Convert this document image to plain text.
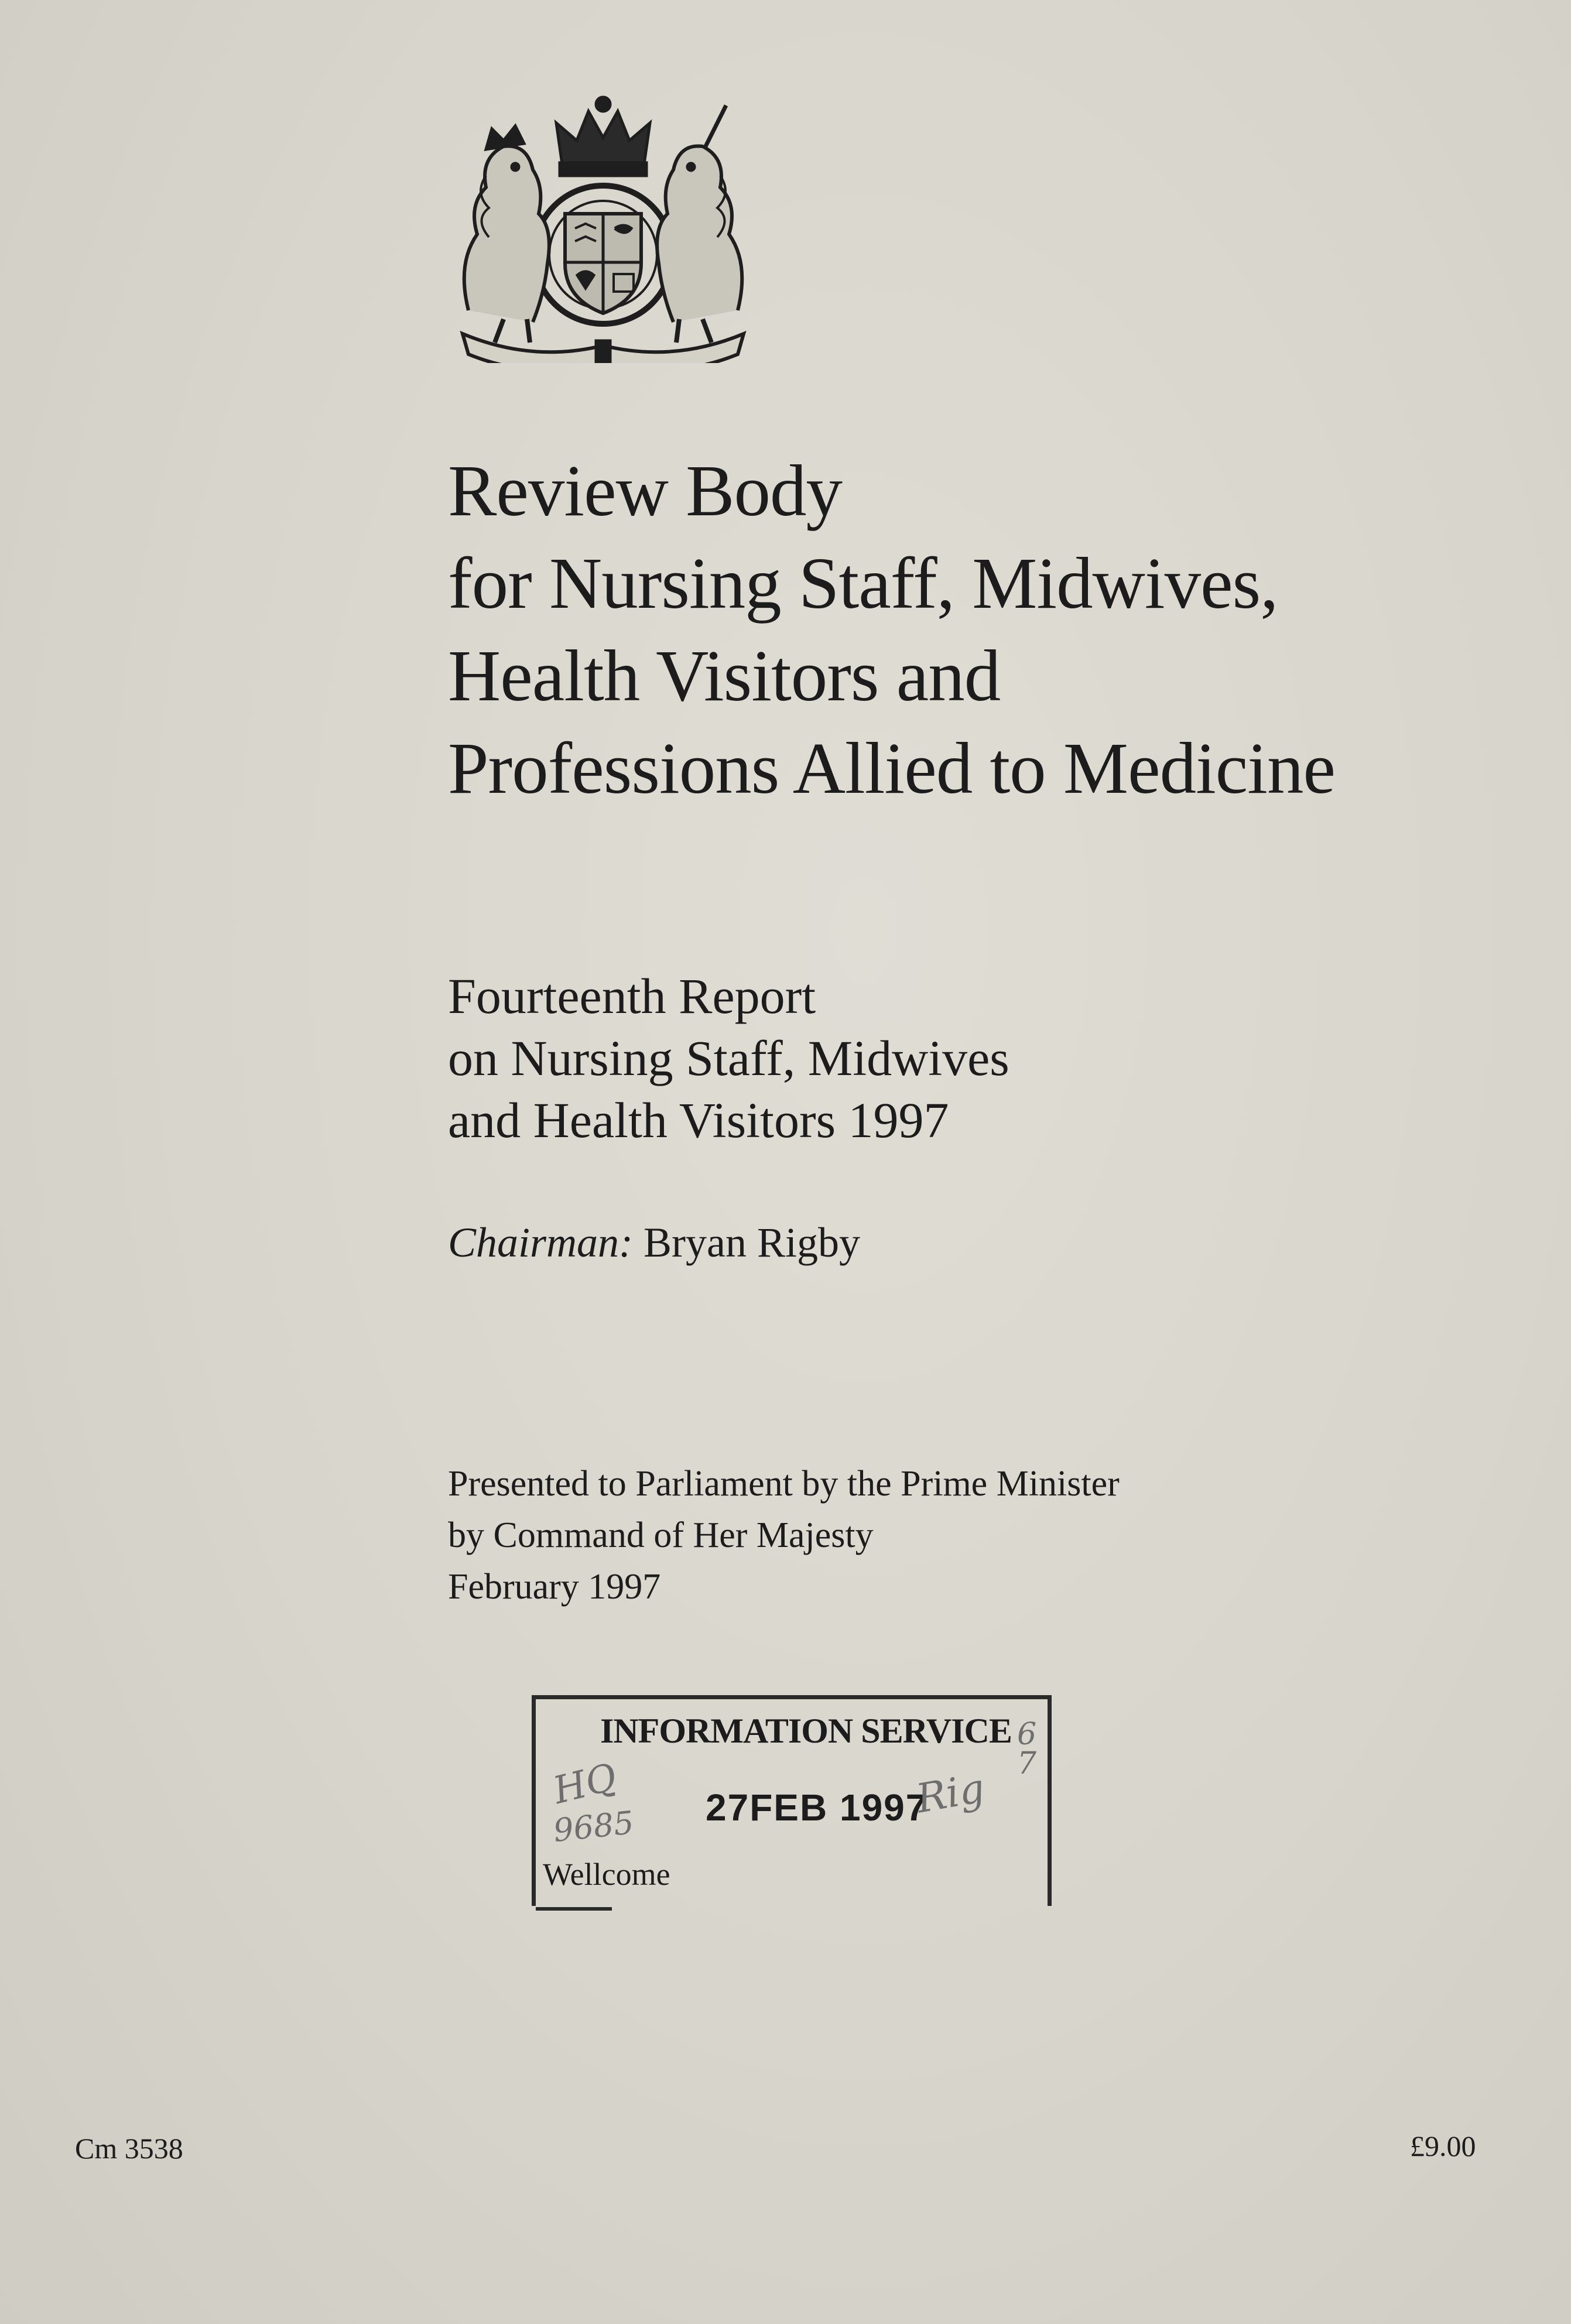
Review Body
for Nursing Staff, Midwives,
Health Visitors and
Professions Allied to Medicine
Fourteenth Report
on Nursing Staff, Midwives
and Health Visitors 1997
Chairman: Bryan Rigby
Presented to Parliament by the Prime Minister
by Command of Her Majesty
February 1997
INFORMATION SERVICE
27FEB 1997
Wellcome
HQ
9685
Rig
6
7
Cm 3538	£9.00
